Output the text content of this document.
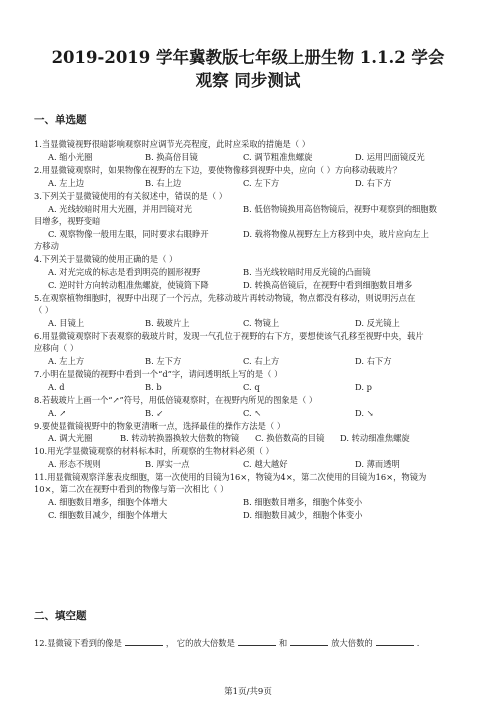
2019-2019 学年冀教版七年级上册生物 1.1.2 学会
观察 同步测试
一、单选题
1.当显微镜视野很暗影响观察时应调节光亮程度，此时应采取的措施是（ ）
2.用显微镜观察时，如果物像在视野的左下边，要使物像移到视野中央，应向（ ）方向移动载玻片？
3.下列关于显微镜使用的有关叙述中，错误的是（ ）
目增多，视野变暗
方移动
4.下列关于显微镜的使用正确的是（ ）
5.在观察植物细胞时，视野中出现了一个污点，先移动玻片再转动物镜，物点都没有移动，则说明污点在
（ ）
6.用显微镜观察时下表观察的载玻片时，发现一气孔位于视野的右下方，要想使该气孔移至视野中央，载片
应移向（ ）
7.小明在显微镜的视野中看到一个“d”字，请问透明纸上写的是（ ）
8.若载玻片上画一个“↗”符号，用低倍镜观察时，在视野内所见的图象是（ ）
9.要使显微镜视野中的物象更清晰一点，选择最佳的操作方法是（ ）
10.用光学显微镜观察的材料标本时，所观察的生物材料必须（ ）
11.用显微镜观察洋葱表皮细胞，第一次使用的目镜为16×，物镜为4×，第二次使用的目镜为16×，物镜为
10×，第二次在视野中看到的物像与第一次相比（ ）
A. 缩小光圈	B. 换高倍目镜	C. 调节粗准焦螺旋	D. 运用凹面镜反光
A. 左上边	B. 右上边	C. 左下方	D. 右下方
A. 光线较暗时用大光圈，并用凹镜对光	B. 低倍物镜换用高倍物镜后，视野中观察到的细胞数
C. 观察物像一般用左眼，同时要求右眼睁开	D. 载将物像从视野左上方移到中央，玻片应向左上
A. 对光完成的标志是看到明亮的圆形视野	B. 当光线较暗时用反光镜的凸面镜
C. 逆时针方向转动粗准焦螺旋，使镜筒下降	D. 转换高倍镜后，在视野中看到细胞数目增多
A. 目镜上	B. 载玻片上	C. 物镜上	D. 反光镜上
A. 左上方	B. 左下方	C. 右上方	D. 右下方
A. d	B. b	C. q	D. p
A. ↗	B. ↙	C. ↖	D. ↘
A. 调大光圈	B. 转动转换器换较大倍数的物镜 C. 换倍数高的目镜 D. 转动细准焦螺旋
A. 形态不规则	B. 厚实一点	C. 越大越好	D. 薄而透明
A. 细胞数目增多，细胞个体增大	B. 细胞数目增多，细胞个体变小
C. 细胞数目减少，细胞个体增大	D. 细胞数目减少，细胞个体变小
二、填空题
12.显微镜下看到的像是	， 它的放大倍数是	和	放大倍数的	.
第1页/共9页
